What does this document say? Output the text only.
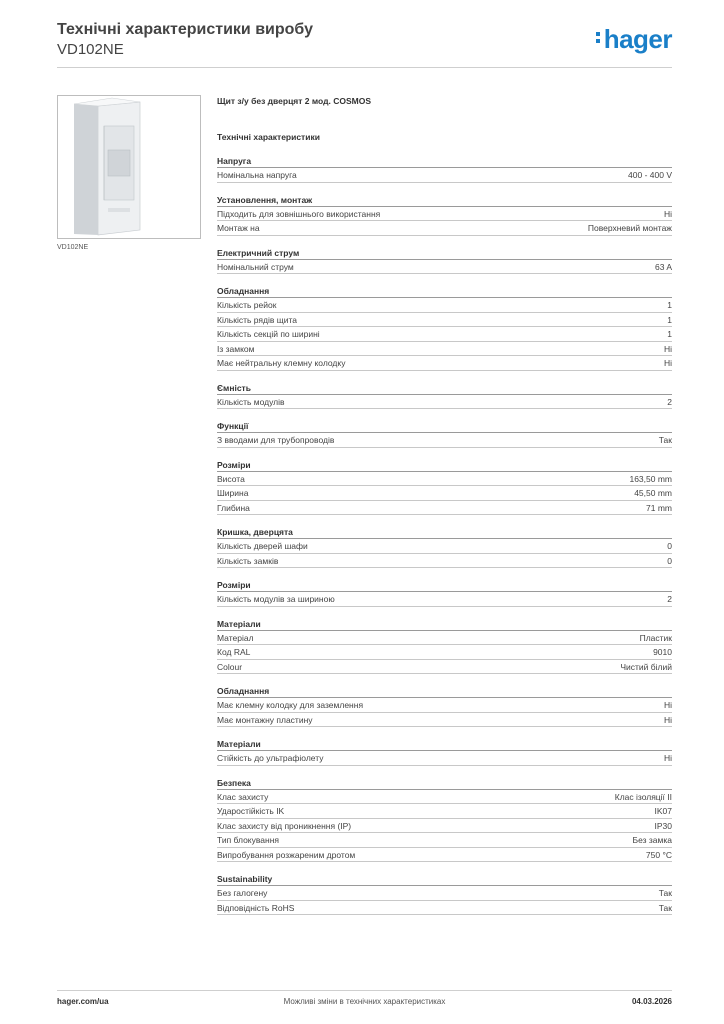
Технічні характеристики виробу
VD102NE	hager
VD102NE
Щит з/у без дверцят 2 мод. COSMOS
Технічні характеристики
Напруга
Номінальна напруга	400 - 400 V
Установлення, монтаж
Підходить для зовнішнього використання	Ні
Монтаж на	Поверхневий монтаж
Електричний струм
Номінальний струм	63 A
Обладнання
Кількість рейок	1
Кількість рядів щита	1
Кількість секцій по ширині	1
Із замком	Ні
Має нейтральну клемну колодку	Ні
Ємність
Кількість модулів	2
Функції
З вводами для трубопроводів	Так
Розміри
Висота	163,50 mm
Ширина	45,50 mm
Глибина	71 mm
Кришка, дверцята
Кількість дверей шафи	0
Кількість замків	0
Розміри
Кількість модулів за шириною	2
Матеріали
Матеріал	Пластик
Код RAL	9010
Colour	Чистий білий
Обладнання
Має клемну колодку для заземлення	Ні
Має монтажну пластину	Ні
Матеріали
Стійкість до ультрафіолету	Ні
Безпека
Клас захисту	Клас ізоляції II
Ударостійкість IK	IK07
Клас захисту від проникнення (IP)	IP30
Тип блокування	Без замка
Випробування розжареним дротом	750 °C
Sustainability
Без галогену	Так
Відповідність RoHS	Так
hager.com/ua	Можливі зміни в технічних характеристиках	04.03.2026
